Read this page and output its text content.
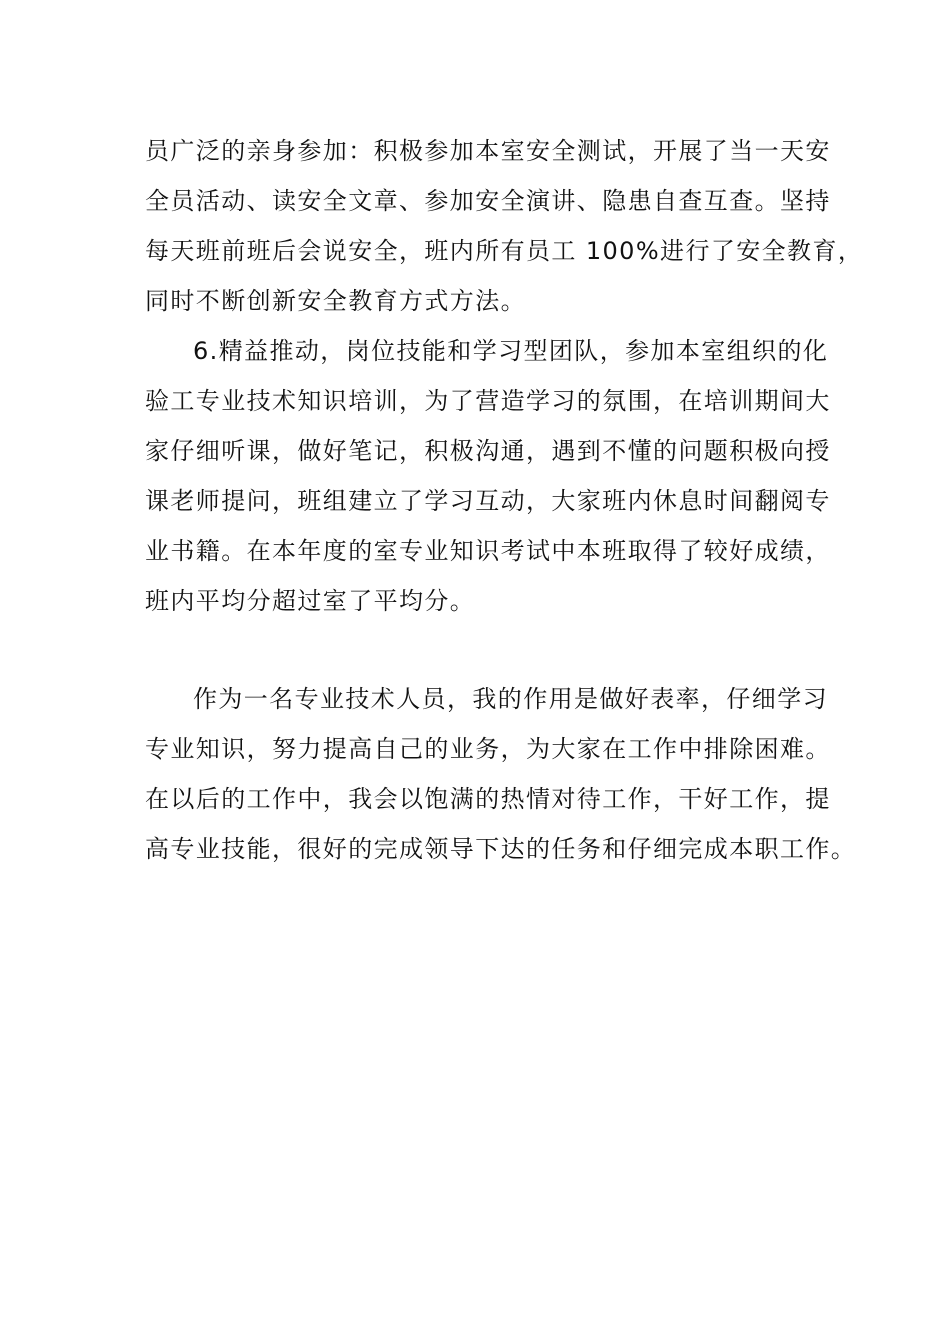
员广泛的亲身参加：积极参加本室安全测试，开展了当一天安
全员活动、读安全文章、参加安全演讲、隐患自查互查。坚持
每天班前班后会说安全，班内所有员工 100%进行了安全教育，
同时不断创新安全教育方式方法。
6.精益推动，岗位技能和学习型团队，参加本室组织的化
验工专业技术知识培训，为了营造学习的氛围，在培训期间大
家仔细听课，做好笔记，积极沟通，遇到不懂的问题积极向授
课老师提问，班组建立了学习互动，大家班内休息时间翻阅专
业书籍。在本年度的室专业知识考试中本班取得了较好成绩，
班内平均分超过室了平均分。
作为一名专业技术人员，我的作用是做好表率，仔细学习
专业知识，努力提高自己的业务，为大家在工作中排除困难。
在以后的工作中，我会以饱满的热情对待工作，干好工作，提
高专业技能，很好的完成领导下达的任务和仔细完成本职工作。
